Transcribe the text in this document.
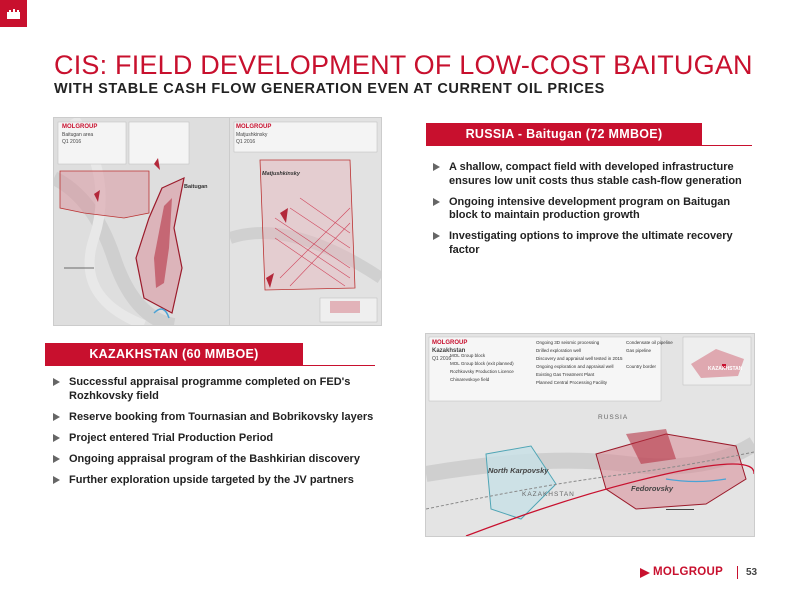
CIS: FIELD DEVELOPMENT OF LOW-COST BAITUGAN
WITH STABLE CASH FLOW GENERATION EVEN AT CURRENT OIL PRICES
MOLGROUP
Baitugan area
Q1 2016
Baitugan
MOLGROUP
Matjushkinsky
Q1 2016
Matjushkinsky
RUSSIA - Baitugan (72 MMBOE)
A shallow, compact field with developed infrastructure ensures low unit costs thus stable cash-flow generation
Ongoing intensive development program on Baitugan block to maintain production growth
Investigating options to improve the ultimate recovery factor
KAZAKHSTAN (60 MMBOE)
Successful appraisal programme completed on FED's Rozhkovsky field
Reserve booking from Tournasian and Bobrikovsky layers
Project entered Trial Production Period
Ongoing appraisal program of the Bashkirian discovery
Further exploration upside targeted by the JV partners
MOLGROUP
Kazakhstan
Q1 2016
MOL Group block
MOL Group block (exit planned)
Rozhkovsky Production Licence
Chinarevskoye field
Ongoing 3D seismic processing
Drilled exploration well
Discovery and appraisal well tested in 2015
Ongoing exploration and appraisal well
Existing Gas Treatment Plant
Planned Central Processing Facility
Condensate oil pipeline
Gas pipeline
Country border	KAZAKHSTAN
RUSSIA
KAZAKHSTAN
North Karpovsky
Fedorovsky
MOLGROUP 53
